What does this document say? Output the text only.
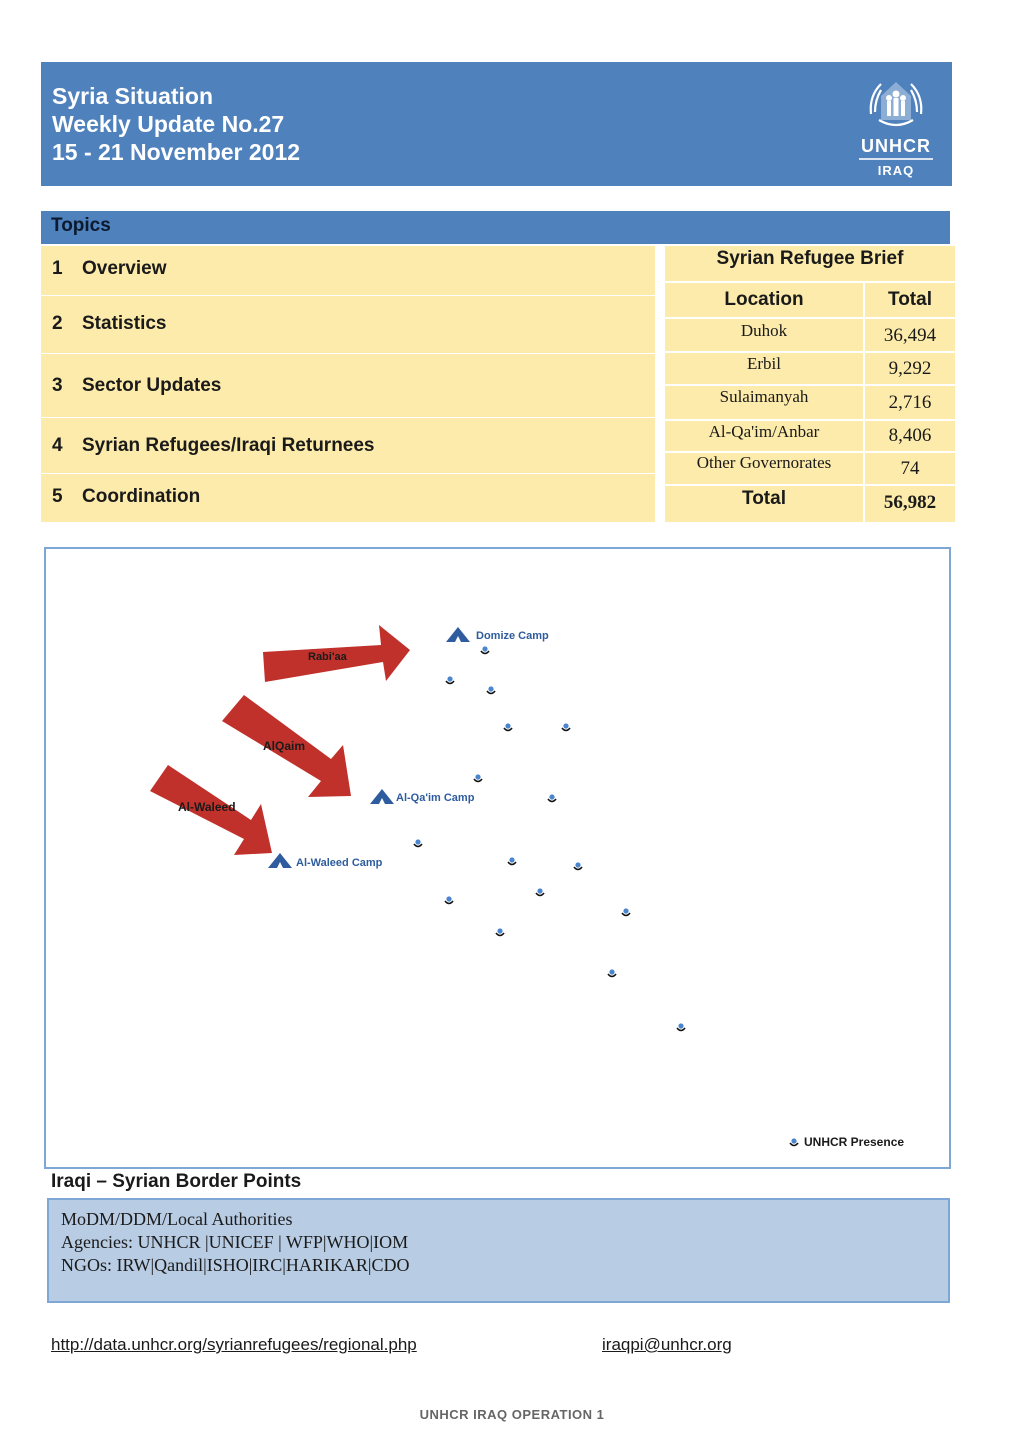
Syria Situation
Weekly Update No.27
15 - 21 November 2012	UNHCR
IRAQ
Topics
1 Overview
2 Statistics
3 Sector Updates
4 Syrian Refugees/Iraqi Returnees
5 Coordination
Syrian Refugee Brief
Location	Total
Duhok	36,494
Erbil	9,292
Sulaimanyah	2,716
Al-Qa'im/Anbar	8,406
Other Governorates	74
Total	56,982
Rabi'aa
AlQaim
Al-Waleed
Domize Camp
Al-Qa'im Camp
Al-Waleed Camp
UNHCR Presence
Iraqi – Syrian Border Points
MoDM/DDM/Local Authorities
Agencies: UNHCR |UNICEF | WFP|WHO|IOM
NGOs: IRW|Qandil|ISHO|IRC|HARIKAR|CDO
http://data.unhcr.org/syrianrefugees/regional.php	iraqpi@unhcr.org
UNHCR IRAQ OPERATION 1
